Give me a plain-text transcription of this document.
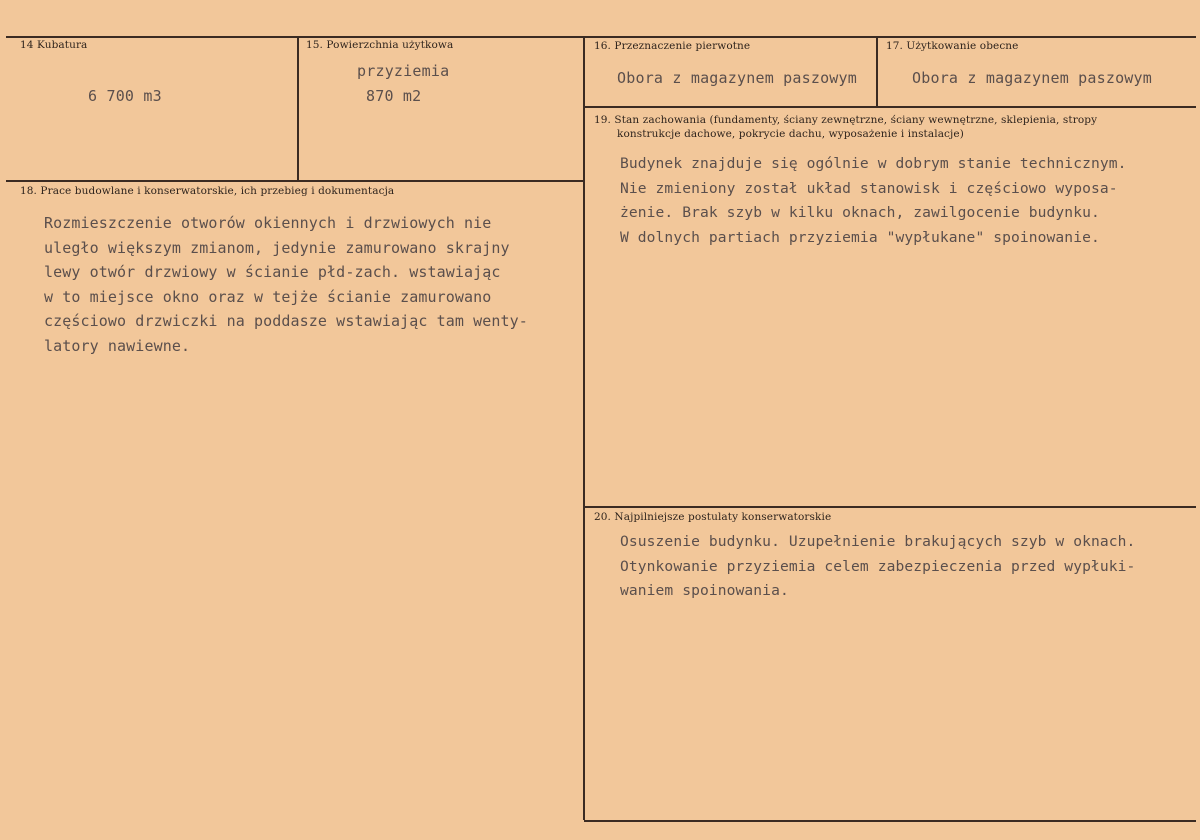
14 Kubatura
6 700 m3
15. Powierzchnia użytkowa
przyziemia
870 m2
16. Przeznaczenie pierwotne
Obora z magazynem paszowym
17. Użytkowanie obecne
Obora z magazynem paszowym
18. Prace budowlane i konserwatorskie, ich przebieg i dokumentacja
Rozmieszczenie otworów okiennych i drzwiowych nie
uległo większym zmianom, jedynie zamurowano skrajny
lewy otwór drzwiowy w ścianie płd-zach. wstawiając
w to miejsce okno oraz w tejże ścianie zamurowano
częściowo drzwiczki na poddasze wstawiając tam wenty-
latory nawiewne.
19. Stan zachowania (fundamenty, ściany zewnętrzne, ściany wewnętrzne, sklepienia, stropy
konstrukcje dachowe, pokrycie dachu, wyposażenie i instalacje)
Budynek znajduje się ogólnie w dobrym stanie technicznym.
Nie zmieniony został układ stanowisk i częściowo wyposa-
żenie. Brak szyb w kilku oknach, zawilgocenie budynku.
W dolnych partiach przyziemia "wypłukane" spoinowanie.
20. Najpilniejsze postulaty konserwatorskie
Osuszenie budynku. Uzupełnienie brakujących szyb w oknach.
Otynkowanie przyziemia celem zabezpieczenia przed wypłuki-
waniem spoinowania.
